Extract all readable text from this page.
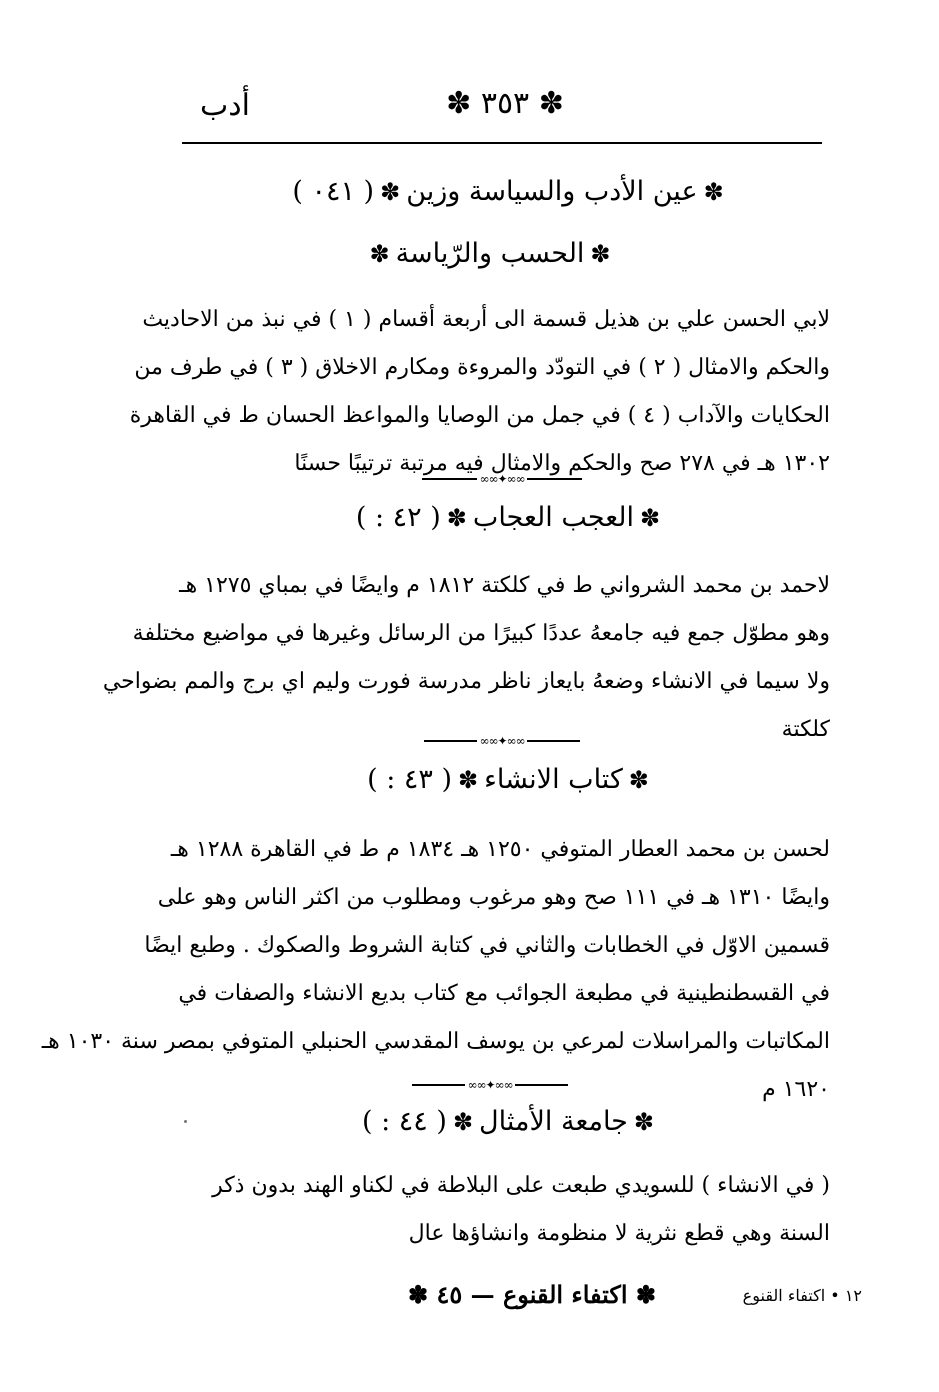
أدب	✽ ٣٥٣ ✽
✽عين الأدب والسياسة وزين✽( ٠٤١ )
✽الحسب والرّياسة✽
لابي الحسن علي بن هذيل قسمة الى أربعة أقسام ( ١ ) في نبذ من الاحاديث
والحكم والامثال ( ٢ ) في التودّد والمروءة ومكارم الاخلاق ( ٣ ) في طرف من
الحكايات والآداب ( ٤ ) في جمل من الوصايا والمواعظ الحسان ط في القاهرة
١٣٠٢ هـ في ٢٧٨ صح والحكم والامثال فيه مرتبة ترتيبًا حسنًا
∞∞✦∞∞
✽العجب العجاب✽( ٤٢ : )
لاحمد بن محمد الشرواني ط في كلكتة ١٨١٢ م وايضًا في بمباي ١٢٧٥ هـ
وهو مطوّل جمع فيه جامعهُ عددًا كبيرًا من الرسائل وغيرها في مواضيع مختلفة
ولا سيما في الانشاء وضعهُ بايعاز ناظر مدرسة فورت وليم اي برج والمم بضواحي
كلكتة
∞∞✦∞∞
✽كتاب الانشاء✽( ٤٣ : )
لحسن بن محمد العطار المتوفي ١٢٥٠ هـ ١٨٣٤ م ط في القاهرة ١٢٨٨ هـ
وايضًا ١٣١٠ هـ في ١١١ صح وهو مرغوب ومطلوب من اكثر الناس وهو على
قسمين الاوّل في الخطابات والثاني في كتابة الشروط والصكوك . وطبع ايضًا
في القسطنطينية في مطبعة الجوائب مع كتاب بديع الانشاء والصفات في
المكاتبات والمراسلات لمرعي بن يوسف المقدسي الحنبلي المتوفي بمصر سنة ١٠٣٠ هـ
١٦٢٠ م
∞∞✦∞∞
✽جامعة الأمثال✽( ٤٤ : )
( في الانشاء ) للسويدي طبعت على البلاطة في لكناو الهند بدون ذكر
السنة وهي قطع نثرية لا منظومة وانشاؤها عال
١٢ • اكتفاء القنوع
✽ اكتفاء القنوع — ٤٥ ✽
